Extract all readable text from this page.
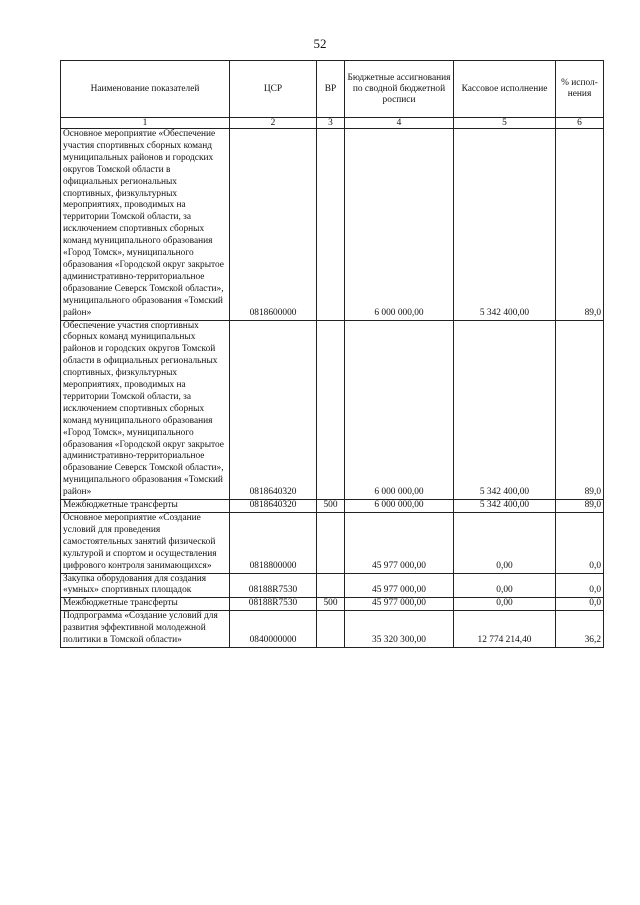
52
Наименование показателей	ЦСР	ВР	Бюджетные ассигнования по сводной бюджетной росписи	Кассовое исполнение	% испол-нения
1	2	3	4	5	6
Основное мероприятие «Обеспечение участия спортивных сборных команд муниципальных районов и городских округов Томской области в официальных региональных спортивных, физкультурных мероприятиях, проводимых на территории Томской области, за исключением спортивных сборных команд муниципального образования «Город Томск», муниципального образования «Городской округ закрытое административно-территориальное образование Северск Томской области», муниципального образования «Томский район»	0818600000		6 000 000,00	5 342 400,00	89,0
Обеспечение участия спортивных сборных команд муниципальных районов и городских округов Томской области в официальных региональных спортивных, физкультурных мероприятиях, проводимых на территории Томской области, за исключением спортивных сборных команд муниципального образования «Город Томск», муниципального образования «Городской округ закрытое административно-территориальное образование Северск Томской области», муниципального образования «Томский район»	0818640320		6 000 000,00	5 342 400,00	89,0
Межбюджетные трансферты	0818640320	500	6 000 000,00	5 342 400,00	89,0
Основное мероприятие «Создание условий для проведения самостоятельных занятий физической культурой и спортом и осуществления цифрового контроля занимающихся»	0818800000		45 977 000,00	0,00	0,0
Закупка оборудования для создания «умных» спортивных площадок	08188R7530		45 977 000,00	0,00	0,0
Межбюджетные трансферты	08188R7530	500	45 977 000,00	0,00	0,0
Подпрограмма «Создание условий для развития эффективной молодежной политики в Томской области»	0840000000		35 320 300,00	12 774 214,40	36,2
